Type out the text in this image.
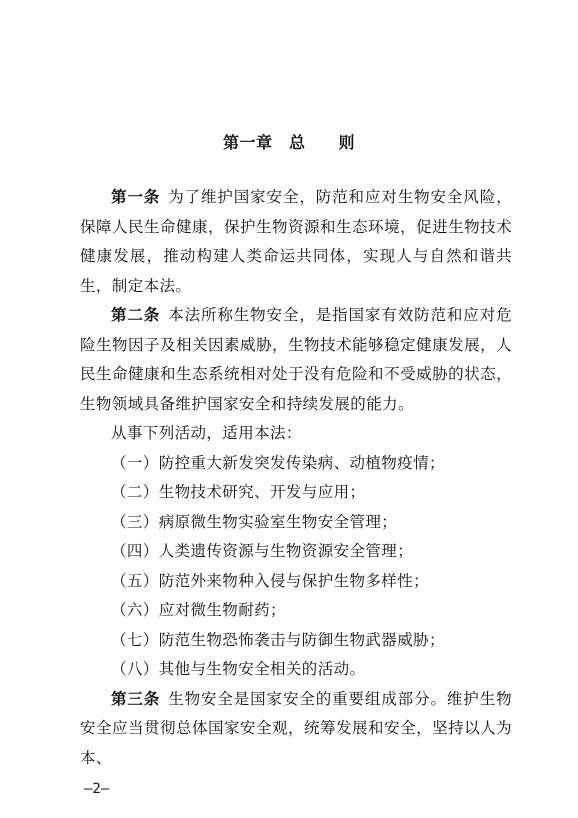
第一章　总　　则

第一条 为了维护国家安全，防范和应对生物安全风险，保障人民生命健康，保护生物资源和生态环境，促进生物技术健康发展，推动构建人类命运共同体，实现人与自然和谐共生，制定本法。

第二条 本法所称生物安全，是指国家有效防范和应对危险生物因子及相关因素威胁，生物技术能够稳定健康发展，人民生命健康和生态系统相对处于没有危险和不受威胁的状态，生物领域具备维护国家安全和持续发展的能力。

从事下列活动，适用本法：

（一）防控重大新发突发传染病、动植物疫情；

（二）生物技术研究、开发与应用；

（三）病原微生物实验室生物安全管理；

（四）人类遗传资源与生物资源安全管理；

（五）防范外来物种入侵与保护生物多样性；

（六）应对微生物耐药；

（七）防范生物恐怖袭击与防御生物武器威胁；

（八）其他与生物安全相关的活动。

第三条 生物安全是国家安全的重要组成部分。维护生物安全应当贯彻总体国家安全观，统筹发展和安全，坚持以人为本、

—2—
